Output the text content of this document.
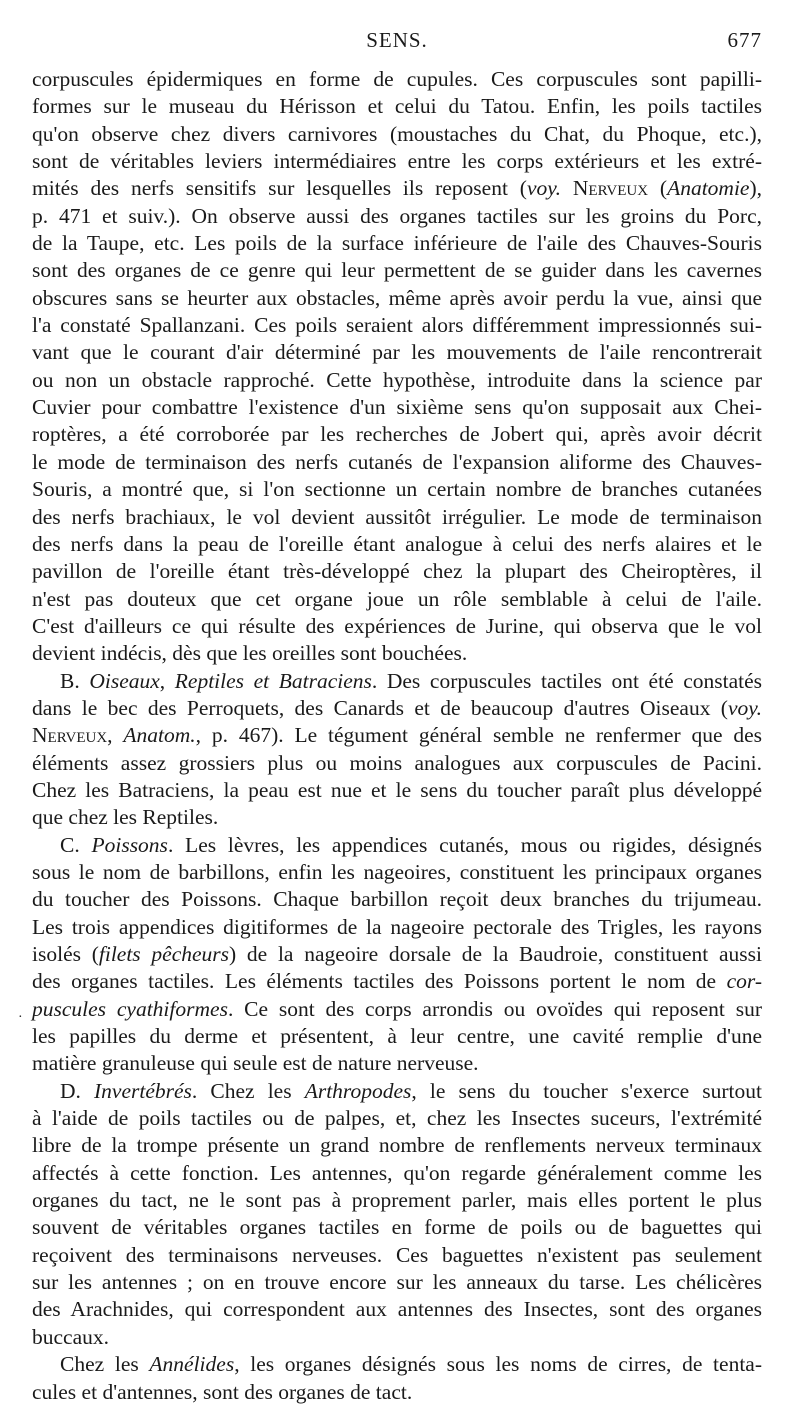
SENS.	677
·
corpuscules épidermiques en forme de cupules. Ces corpuscules sont papilli-
formes sur le museau du Hérisson et celui du Tatou. Enfin, les poils tactiles
qu'on observe chez divers carnivores (moustaches du Chat, du Phoque, etc.),
sont de véritables leviers intermédiaires entre les corps extérieurs et les extré-
mités des nerfs sensitifs sur lesquelles ils reposent (voy. Nerveux (Anatomie),
p. 471 et suiv.). On observe aussi des organes tactiles sur les groins du Porc,
de la Taupe, etc. Les poils de la surface inférieure de l'aile des Chauves-Souris
sont des organes de ce genre qui leur permettent de se guider dans les cavernes
obscures sans se heurter aux obstacles, même après avoir perdu la vue, ainsi que
l'a constaté Spallanzani. Ces poils seraient alors différemment impressionnés sui-
vant que le courant d'air déterminé par les mouvements de l'aile rencontrerait
ou non un obstacle rapproché. Cette hypothèse, introduite dans la science par
Cuvier pour combattre l'existence d'un sixième sens qu'on supposait aux Chei-
roptères, a été corroborée par les recherches de Jobert qui, après avoir décrit
le mode de terminaison des nerfs cutanés de l'expansion aliforme des Chauves-
Souris, a montré que, si l'on sectionne un certain nombre de branches cutanées
des nerfs brachiaux, le vol devient aussitôt irrégulier. Le mode de terminaison
des nerfs dans la peau de l'oreille étant analogue à celui des nerfs alaires et le
pavillon de l'oreille étant très-développé chez la plupart des Cheiroptères, il
n'est pas douteux que cet organe joue un rôle semblable à celui de l'aile.
C'est d'ailleurs ce qui résulte des expériences de Jurine, qui observa que le vol
devient indécis, dès que les oreilles sont bouchées.
B. Oiseaux, Reptiles et Batraciens. Des corpuscules tactiles ont été constatés
dans le bec des Perroquets, des Canards et de beaucoup d'autres Oiseaux (voy.
Nerveux, Anatom., p. 467). Le tégument général semble ne renfermer que des
éléments assez grossiers plus ou moins analogues aux corpuscules de Pacini.
Chez les Batraciens, la peau est nue et le sens du toucher paraît plus développé
que chez les Reptiles.
C. Poissons. Les lèvres, les appendices cutanés, mous ou rigides, désignés
sous le nom de barbillons, enfin les nageoires, constituent les principaux organes
du toucher des Poissons. Chaque barbillon reçoit deux branches du trijumeau.
Les trois appendices digitiformes de la nageoire pectorale des Trigles, les rayons
isolés (filets pêcheurs) de la nageoire dorsale de la Baudroie, constituent aussi
des organes tactiles. Les éléments tactiles des Poissons portent le nom de cor-
puscules cyathiformes. Ce sont des corps arrondis ou ovoïdes qui reposent sur
les papilles du derme et présentent, à leur centre, une cavité remplie d'une
matière granuleuse qui seule est de nature nerveuse.
D. Invertébrés. Chez les Arthropodes, le sens du toucher s'exerce surtout
à l'aide de poils tactiles ou de palpes, et, chez les Insectes suceurs, l'extrémité
libre de la trompe présente un grand nombre de renflements nerveux terminaux
affectés à cette fonction. Les antennes, qu'on regarde généralement comme les
organes du tact, ne le sont pas à proprement parler, mais elles portent le plus
souvent de véritables organes tactiles en forme de poils ou de baguettes qui
reçoivent des terminaisons nerveuses. Ces baguettes n'existent pas seulement
sur les antennes ; on en trouve encore sur les anneaux du tarse. Les chélicères
des Arachnides, qui correspondent aux antennes des Insectes, sont des organes
buccaux.
Chez les Annélides, les organes désignés sous les noms de cirres, de tenta-
cules et d'antennes, sont des organes de tact.
